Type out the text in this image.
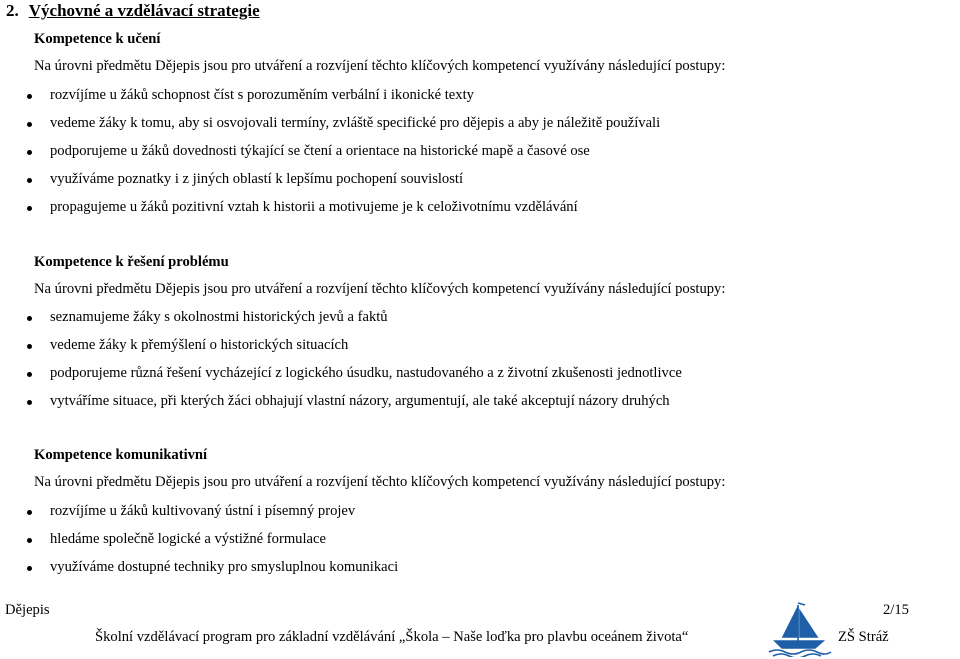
2. Výchovné a vzdělávací strategie
Kompetence k učení
Na úrovni předmětu Dějepis jsou pro utváření a rozvíjení těchto klíčových kompetencí využívány následující postupy:
rozvíjíme u žáků schopnost číst s porozuměním verbální i ikonické texty
vedeme žáky k tomu, aby si osvojovali termíny, zvláště specifické pro dějepis a aby je náležitě používali
podporujeme u žáků dovednosti týkající se čtení a orientace na historické mapě a časové ose
využíváme poznatky i z jiných oblastí k lepšímu pochopení souvislostí
propagujeme u žáků pozitivní vztah k historii a motivujeme je k celoživotnímu vzdělávání
Kompetence k řešení problému
Na úrovni předmětu Dějepis jsou pro utváření a rozvíjení těchto klíčových kompetencí využívány následující postupy:
seznamujeme žáky s okolnostmi historických jevů a faktů
vedeme žáky k přemýšlení o historických situacích
podporujeme různá řešení vycházející z logického úsudku, nastudovaného a z životní zkušenosti jednotlivce
vytváříme situace, při kterých žáci obhajují vlastní názory, argumentují, ale také akceptují názory druhých
Kompetence komunikativní
Na úrovni předmětu Dějepis jsou pro utváření a rozvíjení těchto klíčových kompetencí využívány následující postupy:
rozvíjíme u žáků kultivovaný ústní i písemný projev
hledáme společně logické a výstižné formulace
využíváme dostupné techniky pro smysluplnou komunikaci
Dějepis	2/15
Školní vzdělávací program pro základní vzdělávání „Škola – Naše loďka pro plavbu oceánem života“	ZŠ Stráž
